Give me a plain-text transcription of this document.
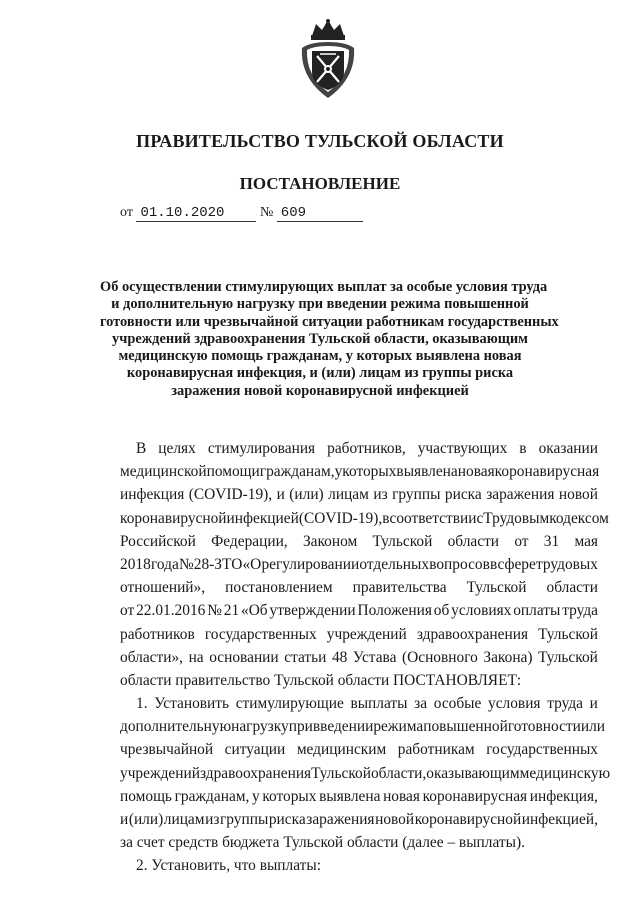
ПРАВИТЕЛЬСТВО ТУЛЬСКОЙ ОБЛАСТИ
ПОСТАНОВЛЕНИЕ
от 01.10.2020	№ 609
Об осуществлении стимулирующих выплат за особые условия труда
и дополнительную нагрузку при введении режима повышенной
готовности или чрезвычайной ситуации работникам государственных
учреждений здравоохранения Тульской области, оказывающим
медицинскую помощь гражданам, у которых выявлена новая
коронавирусная инфекция, и (или) лицам из группы риска
заражения новой коронавирусной инфекцией
В целях стимулирования работников, участвующих в оказании
медицинской помощи гражданам, у которых выявлена новая коронавирусная
инфекция (COVID-19), и (или) лицам из группы риска заражения новой
коронавирусной инфекцией (COVID-19), в соответствии с Трудовым кодексом
Российской Федерации, Законом Тульской области от 31 мая
2018 года № 28-ЗТО «О регулировании отдельных вопросов в сфере трудовых
отношений», постановлением правительства Тульской области
от 22.01.2016 № 21 «Об утверждении Положения об условиях оплаты труда
работников государственных учреждений здравоохранения Тульской
области», на основании статьи 48 Устава (Основного Закона) Тульской
области правительство Тульской области ПОСТАНОВЛЯЕТ:
1. Установить стимулирующие выплаты за особые условия труда и
дополнительную нагрузку при введении режима повышенной готовности или
чрезвычайной ситуации медицинским работникам государственных
учреждений здравоохранения Тульской области, оказывающим медицинскую
помощь гражданам, у которых выявлена новая коронавирусная инфекция,
и (или) лицам из группы риска заражения новой коронавирусной инфекцией,
за счет средств бюджета Тульской области (далее – выплаты).
2. Установить, что выплаты:
